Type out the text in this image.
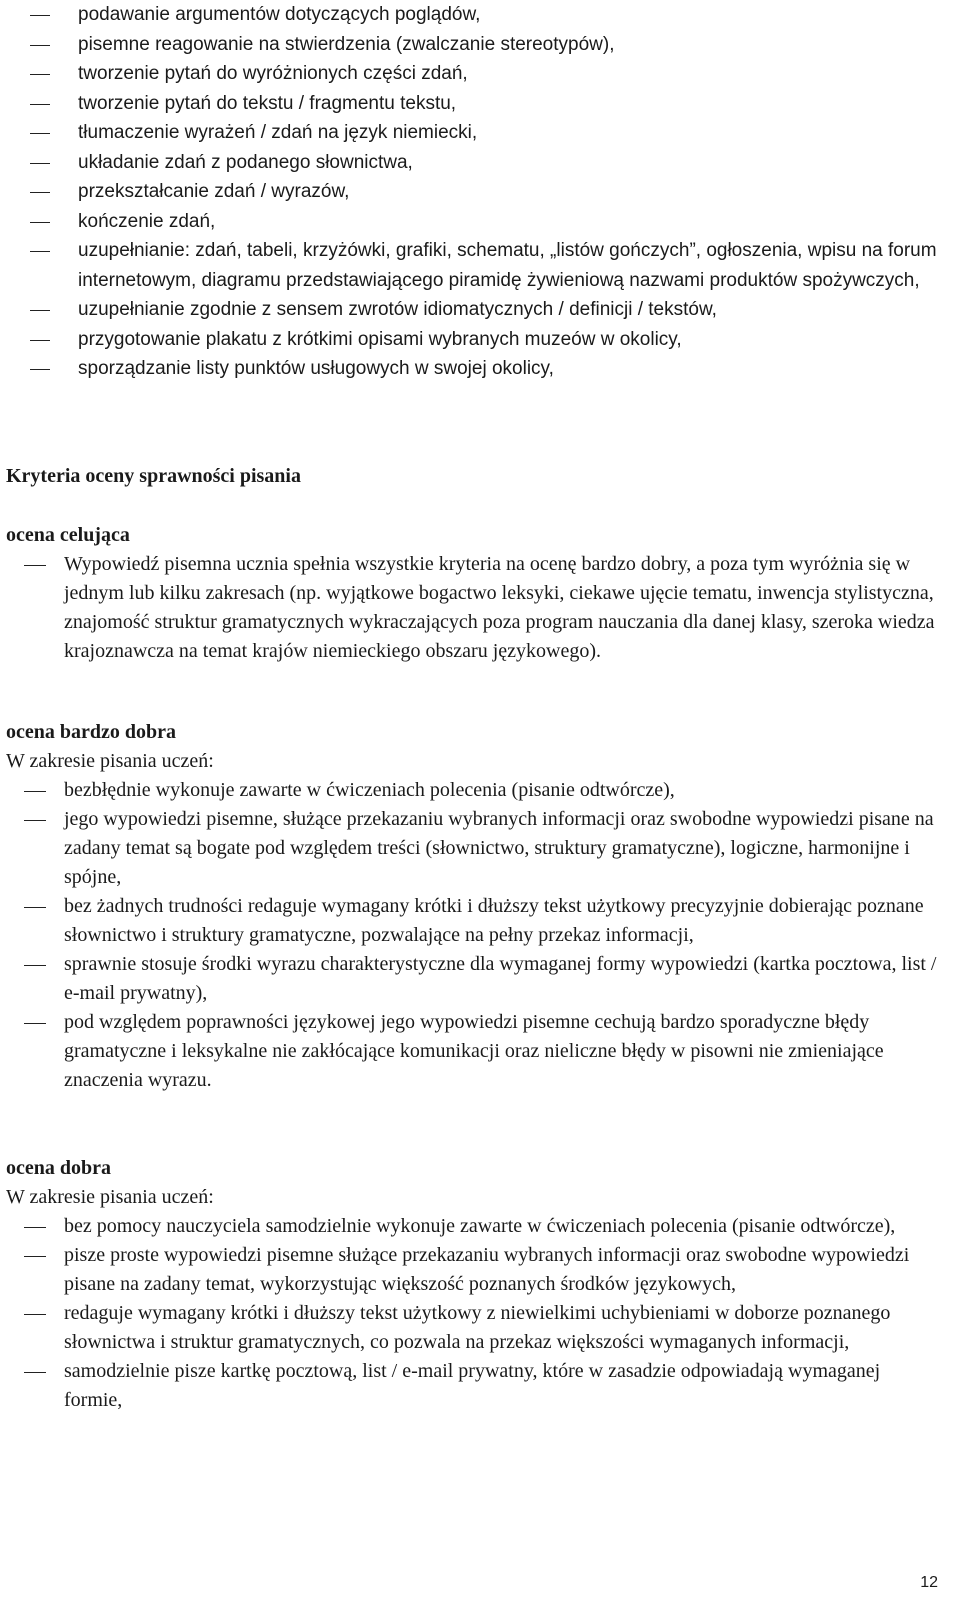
podawanie argumentów dotyczących poglądów,
pisemne reagowanie na stwierdzenia (zwalczanie stereotypów),
tworzenie pytań do wyróżnionych części zdań,
tworzenie pytań do tekstu / fragmentu tekstu,
tłumaczenie wyrażeń / zdań na język niemiecki,
układanie zdań z podanego słownictwa,
przekształcanie zdań / wyrazów,
kończenie zdań,
uzupełnianie: zdań, tabeli, krzyżówki, grafiki, schematu, „listów gończych”, ogłoszenia, wpisu na forum internetowym, diagramu przedstawiającego piramidę żywieniową nazwami produktów spożywczych,
uzupełnianie zgodnie z sensem zwrotów idiomatycznych / definicji / tekstów,
przygotowanie plakatu z krótkimi opisami wybranych muzeów w okolicy,
sporządzanie listy punktów usługowych w swojej okolicy,

Kryteria oceny sprawności pisania

ocena celująca

Wypowiedź pisemna ucznia spełnia wszystkie kryteria na ocenę bardzo dobry, a poza tym wyróżnia się w jednym lub kilku zakresach (np. wyjątkowe bogactwo leksyki, ciekawe ujęcie tematu, inwencja stylistyczna, znajomość struktur gramatycznych wykraczających poza program nauczania dla danej klasy, szeroka wiedza krajoznawcza na temat krajów niemieckiego obszaru językowego).

ocena bardzo dobra

W zakresie pisania uczeń:

bezbłędnie wykonuje zawarte w ćwiczeniach polecenia (pisanie odtwórcze),
jego wypowiedzi pisemne, służące przekazaniu wybranych informacji oraz swobodne wypowiedzi pisane na zadany temat są bogate pod względem treści (słownictwo, struktury gramatyczne), logiczne, harmonijne i spójne,
bez żadnych trudności redaguje wymagany krótki i dłuższy tekst użytkowy precyzyjnie dobierając poznane słownictwo i struktury gramatyczne, pozwalające na pełny przekaz informacji,
sprawnie stosuje środki wyrazu charakterystyczne dla wymaganej formy wypowiedzi (kartka pocztowa, list / e-mail prywatny),
pod względem poprawności językowej jego wypowiedzi pisemne cechują bardzo sporadyczne błędy gramatyczne i leksykalne nie zakłócające komunikacji oraz nieliczne błędy w pisowni nie zmieniające znaczenia wyrazu.

ocena dobra

W zakresie pisania uczeń:

bez pomocy nauczyciela samodzielnie wykonuje zawarte w ćwiczeniach polecenia (pisanie odtwórcze),
pisze proste wypowiedzi pisemne służące przekazaniu wybranych informacji oraz swobodne wypowiedzi pisane na zadany temat, wykorzystując większość poznanych środków językowych,
redaguje wymagany krótki i dłuższy tekst użytkowy z niewielkimi uchybieniami w doborze poznanego słownictwa i struktur gramatycznych, co pozwala na przekaz większości wymaganych informacji,
samodzielnie pisze kartkę pocztową, list / e-mail prywatny, które w zasadzie odpowiadają wymaganej formie,
12
